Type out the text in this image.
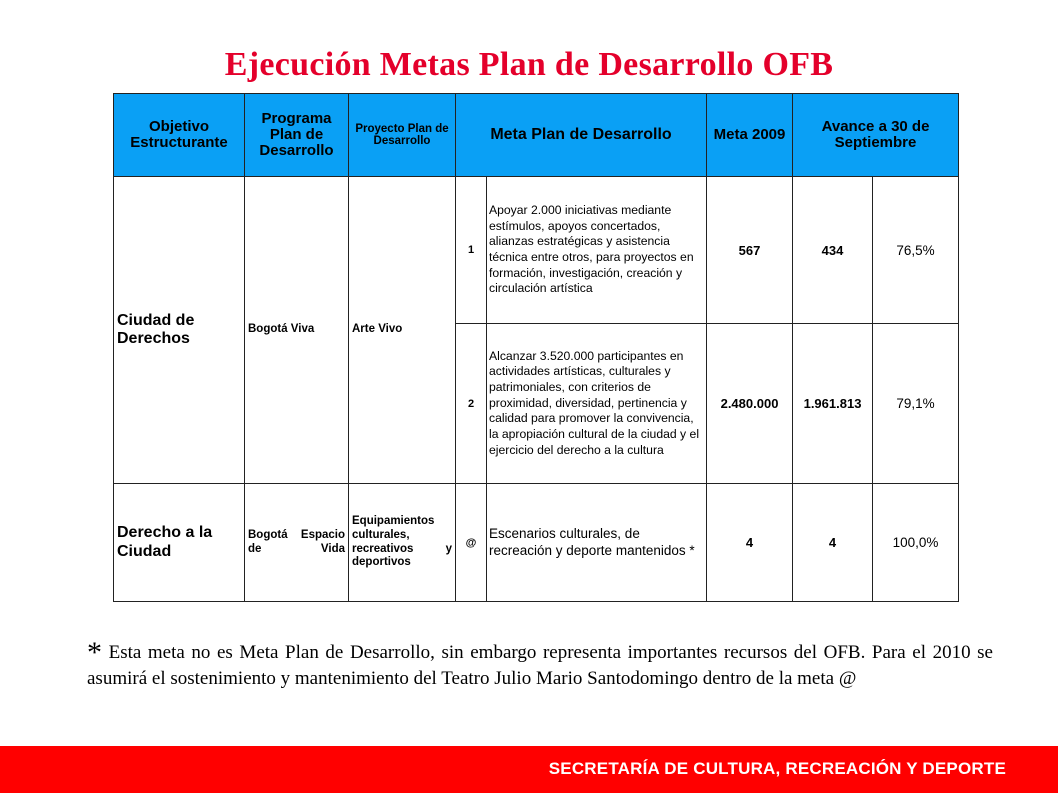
Ejecución Metas Plan de Desarrollo OFB
Objetivo Estructurante	Programa Plan de Desarrollo	Proyecto Plan de Desarrollo	Meta Plan de Desarrollo		Meta 2009	Avance a 30 de Septiembre	
Ciudad de Derechos	Bogotá Viva	Arte Vivo	1	Apoyar 2.000 iniciativas mediante estímulos, apoyos concertados, alianzas estratégicas y asistencia técnica entre otros, para proyectos en formación, investigación, creación y circulación artística	567	434	76,5%
			2	Alcanzar 3.520.000 participantes en actividades artísticas, culturales y patrimoniales, con criterios de proximidad, diversidad, pertinencia y calidad para promover la convivencia, la apropiación cultural de la ciudad y el ejercicio del derecho a la cultura	2.480.000	1.961.813	79,1%
Derecho a la Ciudad	Bogotá Espacio de Vida	Equipamientos culturales, recreativos y deportivos	@	Escenarios culturales, de recreación y deporte mantenidos *	4	4	100,0%
* Esta meta no es Meta Plan de Desarrollo, sin embargo representa importantes recursos del OFB. Para el 2010 se asumirá el sostenimiento y mantenimiento del Teatro Julio Mario Santodomingo dentro de la meta @
SECRETARÍA DE CULTURA, RECREACIÓN Y DEPORTE
